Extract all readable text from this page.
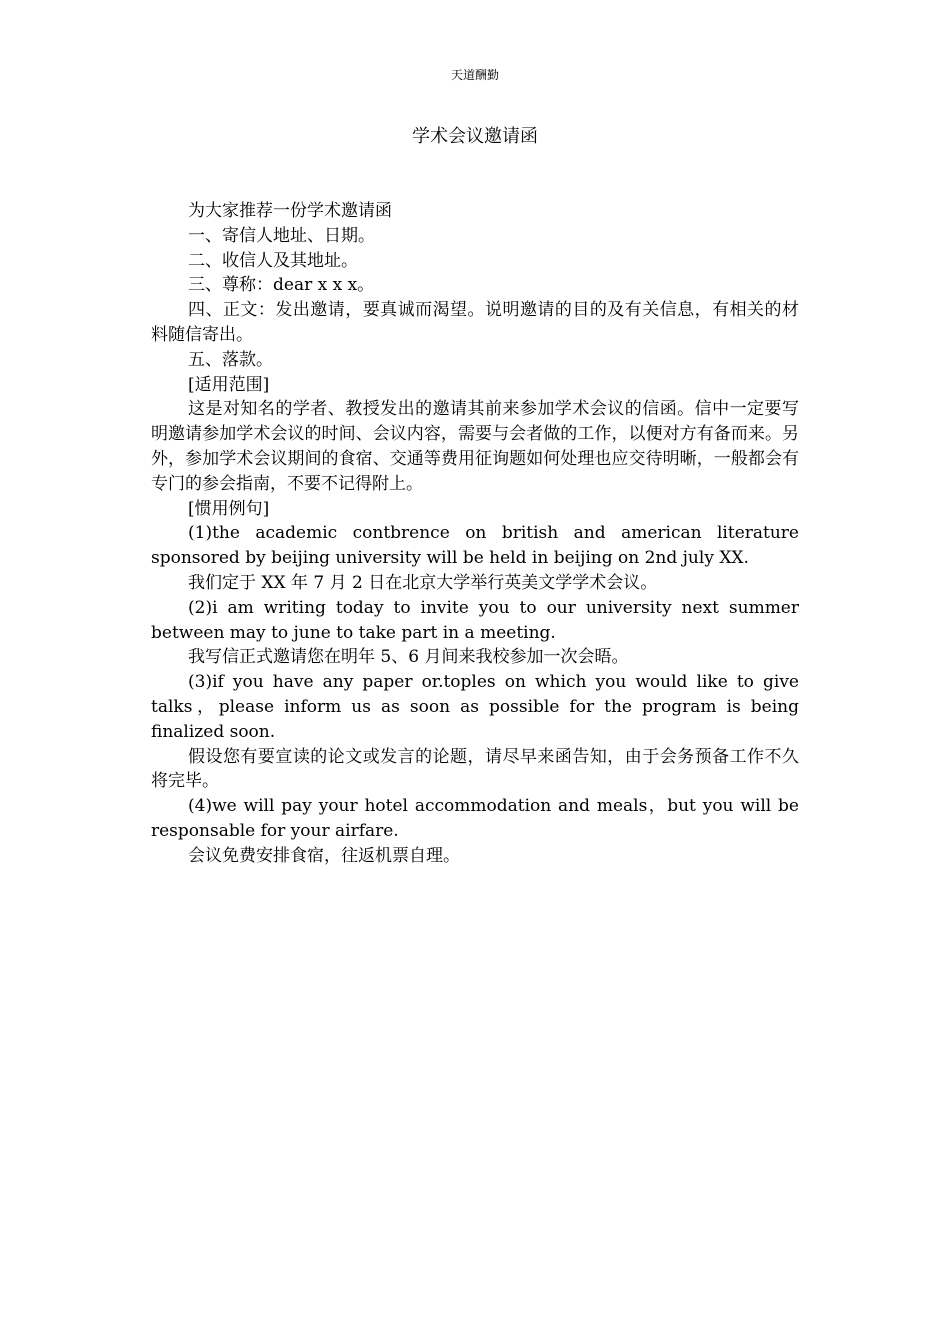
天道酬勤
学术会议邀请函

为大家推荐一份学术邀请函

一、寄信人地址、日期。

二、收信人及其地址。

三、尊称：dear x x x。

四、正文：发出邀请，要真诚而渴望。说明邀请的目的及有关信息，有相关的材料随信寄出。

五、落款。

[适用范围]

这是对知名的学者、教授发出的邀请其前来参加学术会议的信函。信中一定要写明邀请参加学术会议的时间、会议内容，需要与会者做的工作，以便对方有备而来。另外，参加学术会议期间的食宿、交通等费用征询题如何处理也应交待明晰，一般都会有专门的参会指南，不要不记得附上。

[惯用例句]

(1)the academic contbrence on british and american literature sponsored by beijing university will be held in beijing on 2nd july XX.

我们定于 XX 年 7 月 2 日在北京大学举行英美文学学术会议。

(2)i am writing today to invite you to our university next summer between may to june to take part in a meeting.

我写信正式邀请您在明年 5、6 月间来我校参加一次会晤。

(3)if you have any paper or.toples on which you would like to give talks，please inform us as soon as possible for the program is being finalized soon.

假设您有要宣读的论文或发言的论题，请尽早来函告知，由于会务预备工作不久将完毕。

(4)we will pay your hotel accommodation and meals，but you will be responsable for your airfare.

会议免费安排食宿，往返机票自理。
